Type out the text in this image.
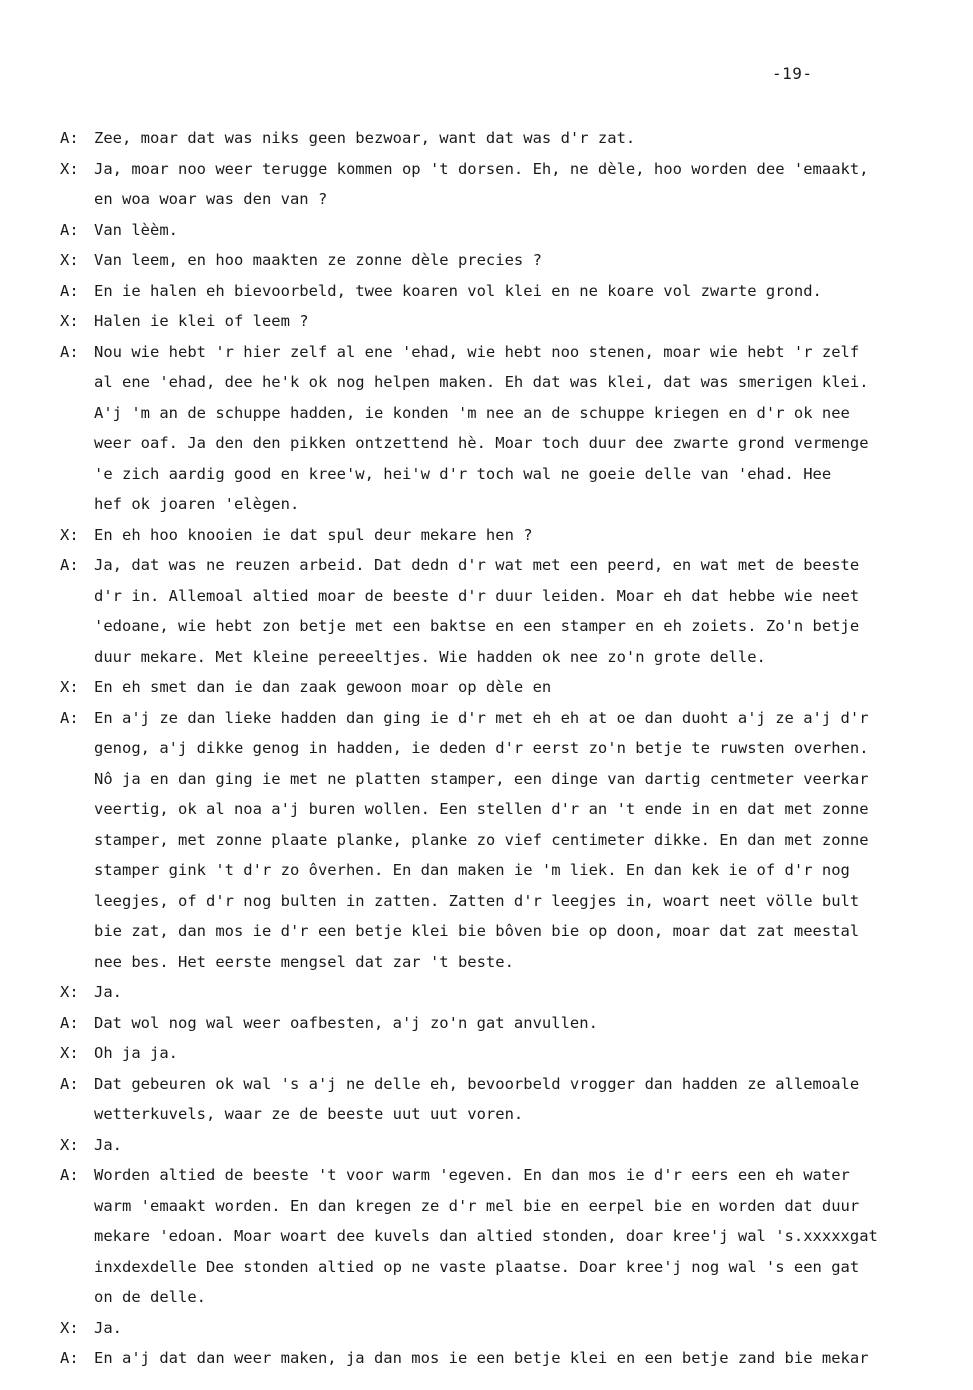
-19-
A: Zee, moar dat was niks geen bezwoar, want dat was d'r zat.
X: Ja, moar noo weer terugge kommen op 't dorsen. Eh, ne dèle, hoo worden dee 'emaakt,
en woa woar was den van ?
A: Van lèèm.
X: Van leem, en hoo maakten ze zonne dèle precies ?
A: En ie halen eh bievoorbeld, twee koaren vol klei en ne koare vol zwarte grond.
X: Halen ie klei of leem ?
A: Nou wie hebt 'r hier zelf al ene 'ehad, wie hebt noo stenen, moar wie hebt 'r zelf
al ene 'ehad, dee he'k ok nog helpen maken. Eh dat was klei, dat was smerigen klei.
A'j 'm an de schuppe hadden, ie konden 'm nee an de schuppe kriegen en d'r ok nee
weer oaf. Ja den den pikken ontzettend hè. Moar toch duur dee zwarte grond vermenge
'e zich aardig good en kree'w, hei'w d'r toch wal ne goeie delle van 'ehad. Hee
hef ok joaren 'elègen.
X: En eh hoo knooien ie dat spul deur mekare hen ?
A: Ja, dat was ne reuzen arbeid. Dat dedn d'r wat met een peerd, en wat met de beeste
d'r in. Allemoal altied moar de beeste d'r duur leiden. Moar eh dat hebbe wie neet
'edoane, wie hebt zon betje met een baktse en een stamper en eh zoiets. Zo'n betje
duur mekare. Met kleine pereeeltjes. Wie hadden ok nee zo'n grote delle.
X: En eh smet dan ie dan zaak gewoon moar op dèle en
A: En a'j ze dan lieke hadden dan ging ie d'r met eh eh at oe dan duoht a'j ze a'j d'r
genog, a'j dikke genog in hadden, ie deden d'r eerst zo'n betje te ruwsten overhen.
Nô ja en dan ging ie met ne platten stamper, een dinge van dartig centmeter veerkar
veertig, ok al noa a'j buren wollen. Een stellen d'r an 't ende in en dat met zonne
stamper, met zonne plaate planke, planke zo vief centimeter dikke. En dan met zonne
stamper gink 't d'r zo ôverhen. En dan maken ie 'm liek. En dan kek ie of d'r nog
leegjes, of d'r nog bulten in zatten. Zatten d'r leegjes in, woart neet völle bult
bie zat, dan mos ie d'r een betje klei bie bôven bie op doon, moar dat zat meestal
nee bes. Het eerste mengsel dat zar 't beste.
X: Ja.
A: Dat wol nog wal weer oafbesten, a'j zo'n gat anvullen.
X: Oh ja ja.
A: Dat gebeuren ok wal 's a'j ne delle eh, bevoorbeld vrogger dan hadden ze allemoale
wetterkuvels, waar ze de beeste uut uut voren.
X: Ja.
A: Worden altied de beeste 't voor warm 'egeven. En dan mos ie d'r eers een eh water
warm 'emaakt worden. En dan kregen ze d'r mel bie en eerpel bie en worden dat duur
mekare 'edoan. Moar woart dee kuvels dan altied stonden, doar kree'j wal 's.xxxxxgat
inxdexdelle Dee stonden altied op ne vaste plaatse. Doar kree'j nog wal 's een gat
on de delle.
X: Ja.
A: En a'j dat dan weer maken, ja dan mos ie een betje klei en een betje zand bie mekar
